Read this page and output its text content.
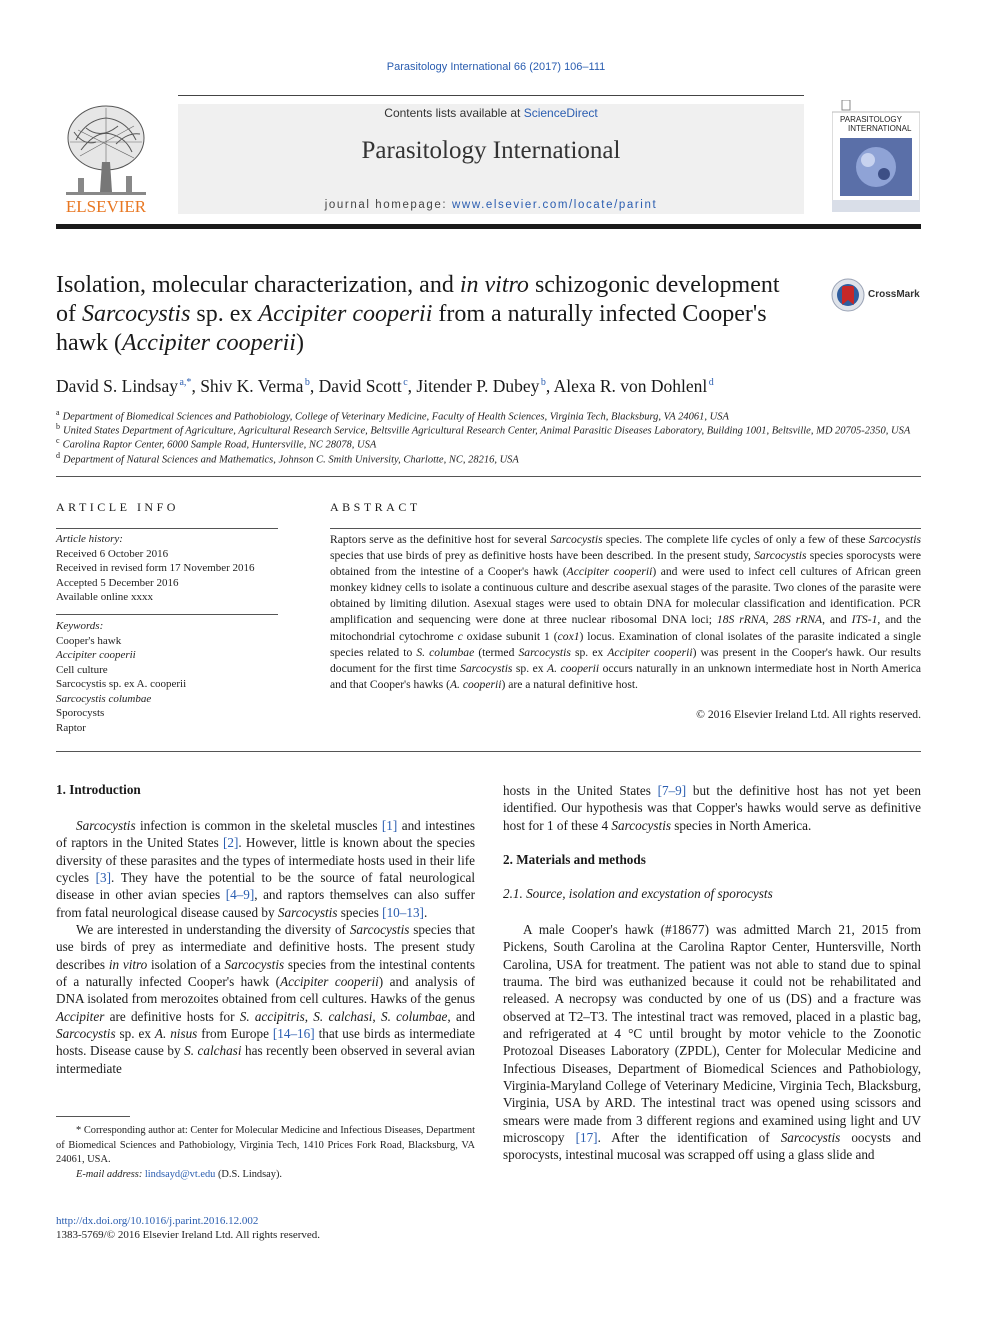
Parasitology International 66 (2017) 106–111
ELSEVIER
Contents lists available at ScienceDirect
Parasitology International
journal homepage: www.elsevier.com/locate/parint
PARASITOLOGY
INTERNATIONAL
Isolation, molecular characterization, and in vitro schizogonic development of Sarcocystis sp. ex Accipiter cooperii from a naturally infected Cooper's hawk (Accipiter cooperii)
CrossMark
David S. Lindsay $^{a,*}$, Shiv K. Verma $^b$, David Scott $^c$, Jitender P. Dubey $^b$, Alexa R. von Dohlenl $^d$
$^a$ Department of Biomedical Sciences and Pathobiology, College of Veterinary Medicine, Faculty of Health Sciences, Virginia Tech, Blacksburg, VA 24061, USA
$^b$ United States Department of Agriculture, Agricultural Research Service, Beltsville Agricultural Research Center, Animal Parasitic Diseases Laboratory, Building 1001, Beltsville, MD 20705-2350, USA
$^c$ Carolina Raptor Center, 6000 Sample Road, Huntersville, NC 28078, USA
$^d$ Department of Natural Sciences and Mathematics, Johnson C. Smith University, Charlotte, NC, 28216, USA
ARTICLE INFO
Article history:
Received 6 October 2016
Received in revised form 17 November 2016
Accepted 5 December 2016
Available online xxxx
Keywords:
Cooper's hawk
Accipiter cooperii
Cell culture
Sarcocystis sp. ex A. cooperii
Sarcocystis columbae
Sporocysts
Raptor
ABSTRACT
Raptors serve as the definitive host for several Sarcocystis species. The complete life cycles of only a few of these Sarcocystis species that use birds of prey as definitive hosts have been described. In the present study, Sarcocystis species sporocysts were obtained from the intestine of a Cooper's hawk (Accipiter cooperii) and were used to infect cell cultures of African green monkey kidney cells to isolate a continuous culture and describe asexual stages of the parasite. Two clones of the parasite were obtained by limiting dilution. Asexual stages were used to obtain DNA for molecular classification and identification. PCR amplification and sequencing were done at three nuclear ribosomal DNA loci; 18S rRNA, 28S rRNA, and ITS-1, and the mitochondrial cytochrome c oxidase subunit 1 (cox1) locus. Examination of clonal isolates of the parasite indicated a single species related to S. columbae (termed Sarcocystis sp. ex Accipiter cooperii) was present in the Cooper's hawk. Our results document for the first time Sarcocystis sp. ex A. cooperii occurs naturally in an unknown intermediate host in North America and that Cooper's hawks (A. cooperii) are a natural definitive host.
© 2016 Elsevier Ireland Ltd. All rights reserved.
1. Introduction

Sarcocystis infection is common in the skeletal muscles [1] and intestines of raptors in the United States [2]. However, little is known about the species diversity of these parasites and the types of intermediate hosts used in their life cycles [3]. They have the potential to be the source of fatal neurological disease in other avian species [4–9], and raptors themselves can also suffer from fatal neurological disease caused by Sarcocystis species [10–13].

We are interested in understanding the diversity of Sarcocystis species that use birds of prey as intermediate and definitive hosts. The present study describes in vitro isolation of a Sarcocystis species from the intestinal contents of a naturally infected Cooper's hawk (Accipiter cooperii) and analysis of DNA isolated from merozoites obtained from cell cultures. Hawks of the genus Accipiter are definitive hosts for S. accipitris, S. calchasi, S. columbae, and Sarcocystis sp. ex A. nisus from Europe [14–16] that use birds as intermediate hosts. Disease cause by S. calchasi has recently been observed in several avian intermediate

* Corresponding author at: Center for Molecular Medicine and Infectious Diseases, Department of Biomedical Sciences and Pathobiology, Virginia Tech, 1410 Prices Fork Road, Blacksburg, VA 24061, USA.

E-mail address: lindsayd@vt.edu (D.S. Lindsay).

hosts in the United States [7–9] but the definitive host has not yet been identified. Our hypothesis was that Copper's hawks would serve as definitive host for 1 of these 4 Sarcocystis species in North America.
2. Materials and methods
2.1. Source, isolation and excystation of sporocysts

A male Cooper's hawk (#18677) was admitted March 21, 2015 from Pickens, South Carolina at the Carolina Raptor Center, Huntersville, North Carolina, USA for treatment. The patient was not able to stand due to spinal trauma. The bird was euthanized because it could not be rehabilitated and released. A necropsy was conducted by one of us (DS) and a fracture was observed at T2–T3. The intestinal tract was removed, placed in a plastic bag, and refrigerated at 4 °C until brought by motor vehicle to the Zoonotic Protozoal Diseases Laboratory (ZPDL), Center for Molecular Medicine and Infectious Diseases, Department of Biomedical Sciences and Pathobiology, Virginia-Maryland College of Veterinary Medicine, Virginia Tech, Blacksburg, Virginia, USA by ARD. The intestinal tract was opened using scissors and smears were made from 3 different regions and examined using light and UV microscopy [17]. After the identification of Sarcocystis oocysts and sporocysts, intestinal mucosal was scrapped off using a glass slide and

http://dx.doi.org/10.1016/j.parint.2016.12.002
1383-5769/© 2016 Elsevier Ireland Ltd. All rights reserved.
